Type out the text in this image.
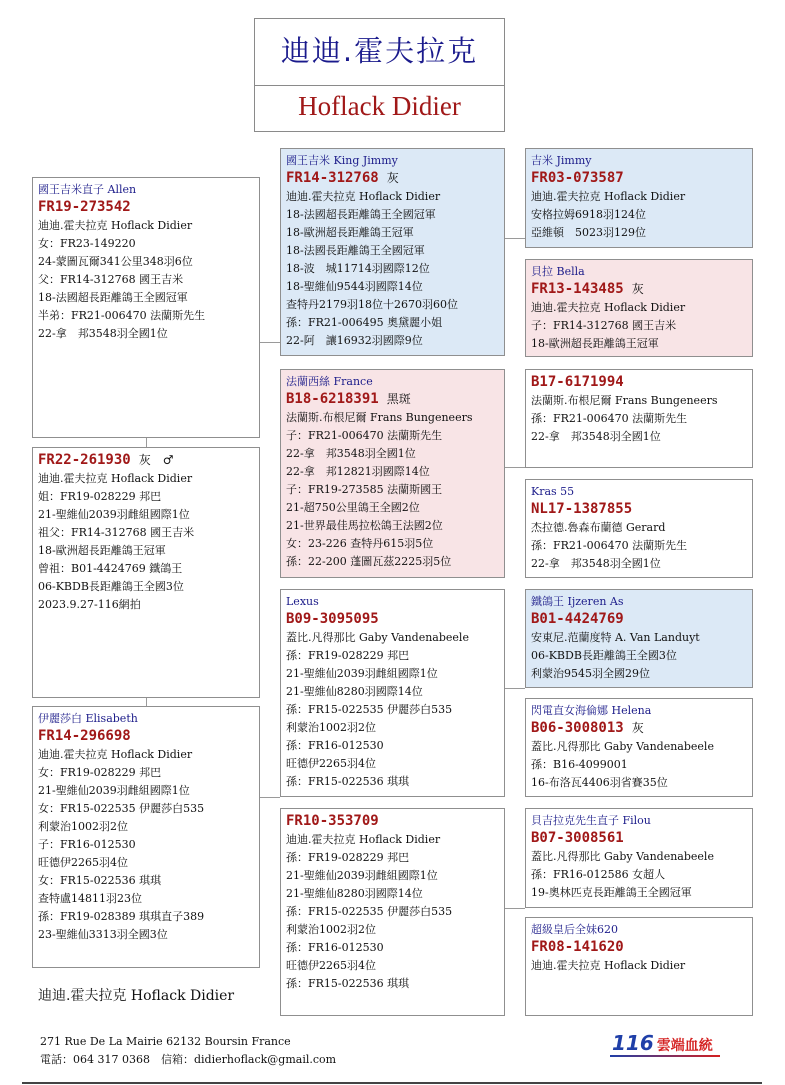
迪迪.霍夫拉克
Hoflack Didier
國王吉米直子 Allen
FR19-273542
迪迪.霍夫拉克 Hoflack Didier
女：FR23-149220
24-蒙圖瓦爾341公里348羽6位
父：FR14-312768 國王吉米
18-法國超長距離鴿王全國冠軍
半弟：FR21-006470 法蘭斯先生
22-拿　邦3548羽全國1位
國王吉米 King Jimmy
FR14-312768 灰
迪迪.霍夫拉克 Hoflack Didier
18-法國超長距離鴿王全國冠軍
18-歐洲超長距離鴿王冠軍
18-法國長距離鴿王全國冠軍
18-波　城11714羽國際12位
18-聖維仙9544羽國際14位
查特丹2179羽18位十2670羽60位
孫：FR21-006495 奧黛麗小姐
22-阿　讓16932羽國際9位
吉米 Jimmy
FR03-073587
迪迪.霍夫拉克 Hoflack Didier
安格拉姆6918羽124位
亞維頓　5023羽129位
貝拉 Bella
FR13-143485 灰
迪迪.霍夫拉克 Hoflack Didier
子：FR14-312768 國王吉米
18-歐洲超長距離鴿王冠軍
法蘭西絲 France
B18-6218391 黑斑
法蘭斯.布根尼爾 Frans Bungeneers
子：FR21-006470 法蘭斯先生
22-拿　邦3548羽全國1位
22-拿　邦12821羽國際14位
子：FR19-273585 法蘭斯國王
21-超750公里鴿王全國2位
21-世界最佳馬拉松鴿王法國2位
女：23-226 查特丹615羽5位
孫：22-200 蓬圖瓦茲2225羽5位
B17-6171994
法蘭斯.布根尼爾 Frans Bungeneers
孫：FR21-006470 法蘭斯先生
22-拿　邦3548羽全國1位
Kras 55
NL17-1387855
杰拉德.魯森布蘭德 Gerard
孫：FR21-006470 法蘭斯先生
22-拿　邦3548羽全國1位
FR22-261930 灰　♂
迪迪.霍夫拉克 Hoflack Didier
姐：FR19-028229 邦巴
21-聖維仙2039羽雌組國際1位
祖父：FR14-312768 國王吉米
18-歐洲超長距離鴿王冠軍
曾祖：B01-4424769 鐵鴿王
06-KBDB長距離鴿王全國3位
2023.9.27-116網拍	Lexus
B09-3095095
蓋比.凡得那比 Gaby Vandenabeele
孫：FR19-028229 邦巴
21-聖維仙2039羽雌組國際1位
21-聖維仙8280羽國際14位
孫：FR15-022535 伊麗莎白535
利蒙治1002羽2位
孫：FR16-012530
旺德伊2265羽4位
孫：FR15-022536 琪琪
鐵鴿王 Ijzeren As
B01-4424769
安東尼.范蘭度特 A. Van Landuyt
06-KBDB長距離鴿王全國3位
利蒙治9545羽全國29位
閃電直女海倫娜 Helena
B06-3008013 灰
蓋比.凡得那比 Gaby Vandenabeele
孫：B16-4099001
16-布洛瓦4406羽省賽35位
伊麗莎白 Elisabeth
FR14-296698
迪迪.霍夫拉克 Hoflack Didier
女：FR19-028229 邦巴
21-聖維仙2039羽雌組國際1位
女：FR15-022535 伊麗莎白535
利蒙治1002羽2位
子：FR16-012530
旺德伊2265羽4位
女：FR15-022536 琪琪
查特盧14811羽23位
孫：FR19-028389 琪琪直子389
23-聖維仙3313羽全國3位
FR10-353709
迪迪.霍夫拉克 Hoflack Didier
孫：FR19-028229 邦巴
21-聖維仙2039羽雌組國際1位
21-聖維仙8280羽國際14位
孫：FR15-022535 伊麗莎白535
利蒙治1002羽2位
孫：FR16-012530
旺德伊2265羽4位
孫：FR15-022536 琪琪
貝吉拉克先生直子 Filou
B07-3008561
蓋比.凡得那比 Gaby Vandenabeele
孫：FR16-012586 女超人
19-奧林匹克長距離鴿王全國冠軍
超級皇后全妹620
FR08-141620
迪迪.霍夫拉克 Hoflack Didier
迪迪.霍夫拉克 Hoflack Didier
271 Rue De La Mairie 62132 Boursin France
電話：064 317 0368　信箱：didierhoflack@gmail.com
116 雲端血統
